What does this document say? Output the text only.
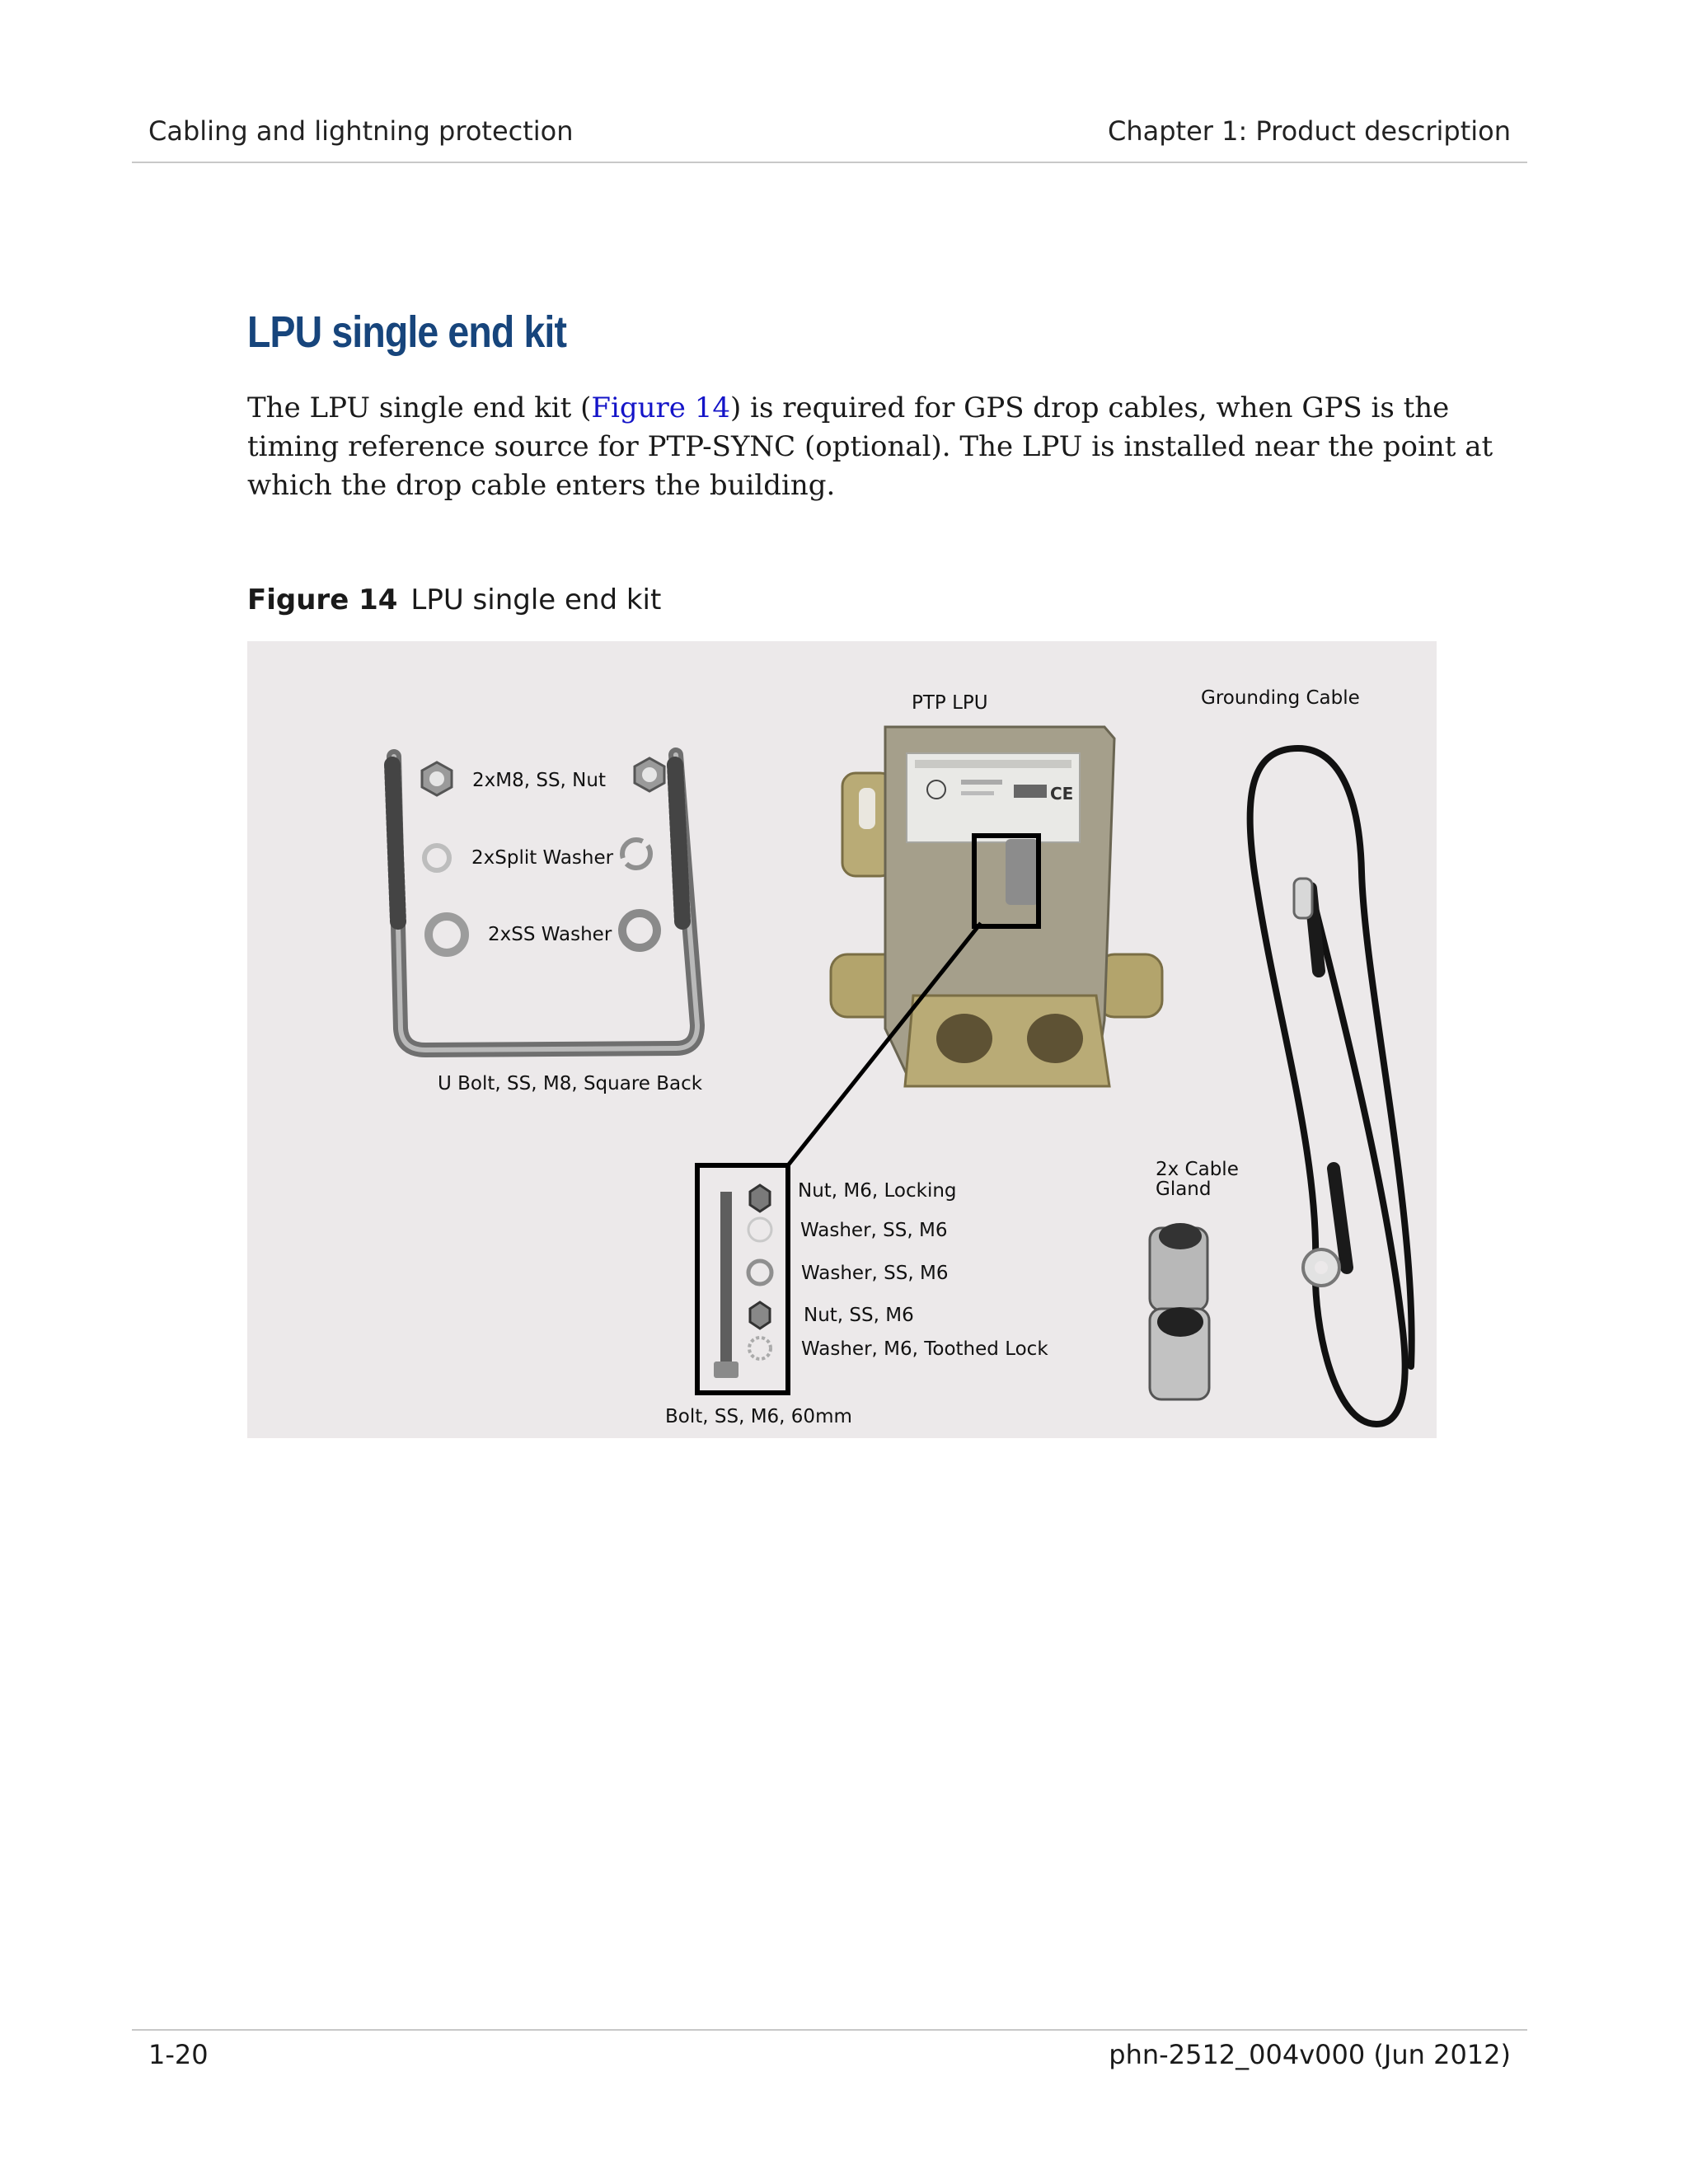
Cabling and lightning protection	Chapter 1: Product description
LPU single end kit

The LPU single end kit (Figure 14) is required for GPS drop cables, when GPS is the timing reference source for PTP-SYNC (optional). The LPU is installed near the point at which the drop cable enters the building.

Figure 14 LPU single end kit
CE
PTP LPU	Grounding Cable
2xM8, SS, Nut
2xSplit Washer
2xSS Washer
U Bolt, SS, M8, Square Back
2x Cable
Gland
Nut, M6, Locking
Washer, SS, M6
Washer, SS, M6
Nut, SS, M6
Washer, M6, Toothed Lock
Bolt, SS, M6, 60mm
1-20	phn-2512_004v000 (Jun 2012)
